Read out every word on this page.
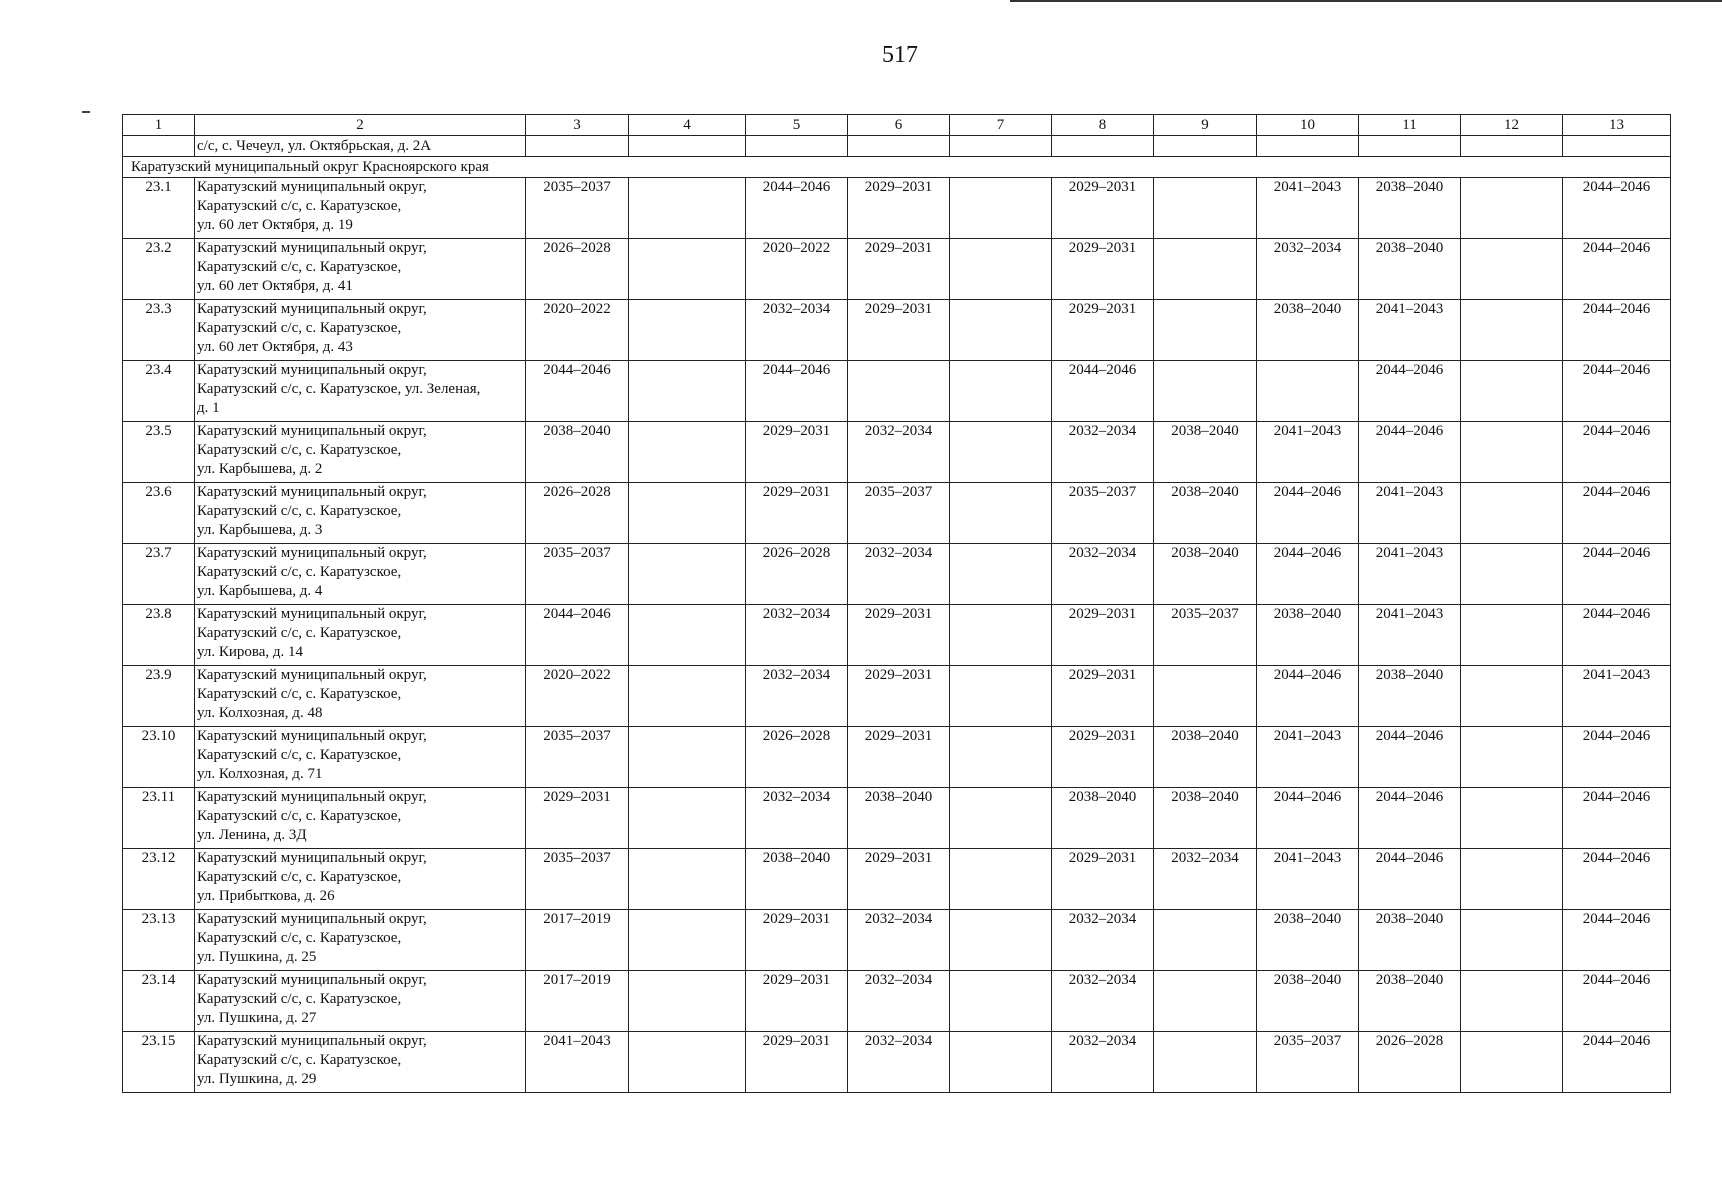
517
1	2	3	4	5	6	7	8	9	10	11	12	13
	с/с, с. Чечеул, ул. Октябрьская, д. 2А											
Каратузский муниципальный округ Красноярского края												
23.1	Каратузский муниципальный округ,
Каратузский с/с, с. Каратузское,
ул. 60 лет Октября, д. 19	2035–2037		2044–2046	2029–2031		2029–2031		2041–2043	2038–2040		2044–2046
23.2	Каратузский муниципальный округ,
Каратузский с/с, с. Каратузское,
ул. 60 лет Октября, д. 41	2026–2028		2020–2022	2029–2031		2029–2031		2032–2034	2038–2040		2044–2046
23.3	Каратузский муниципальный округ,
Каратузский с/с, с. Каратузское,
ул. 60 лет Октября, д. 43	2020–2022		2032–2034	2029–2031		2029–2031		2038–2040	2041–2043		2044–2046
23.4	Каратузский муниципальный округ,
Каратузский с/с, с. Каратузское, ул. Зеленая,
д. 1	2044–2046		2044–2046			2044–2046			2044–2046		2044–2046
23.5	Каратузский муниципальный округ,
Каратузский с/с, с. Каратузское,
ул. Карбышева, д. 2	2038–2040		2029–2031	2032–2034		2032–2034	2038–2040	2041–2043	2044–2046		2044–2046
23.6	Каратузский муниципальный округ,
Каратузский с/с, с. Каратузское,
ул. Карбышева, д. 3	2026–2028		2029–2031	2035–2037		2035–2037	2038–2040	2044–2046	2041–2043		2044–2046
23.7	Каратузский муниципальный округ,
Каратузский с/с, с. Каратузское,
ул. Карбышева, д. 4	2035–2037		2026–2028	2032–2034		2032–2034	2038–2040	2044–2046	2041–2043		2044–2046
23.8	Каратузский муниципальный округ,
Каратузский с/с, с. Каратузское,
ул. Кирова, д. 14	2044–2046		2032–2034	2029–2031		2029–2031	2035–2037	2038–2040	2041–2043		2044–2046
23.9	Каратузский муниципальный округ,
Каратузский с/с, с. Каратузское,
ул. Колхозная, д. 48	2020–2022		2032–2034	2029–2031		2029–2031		2044–2046	2038–2040		2041–2043
23.10	Каратузский муниципальный округ,
Каратузский с/с, с. Каратузское,
ул. Колхозная, д. 71	2035–2037		2026–2028	2029–2031		2029–2031	2038–2040	2041–2043	2044–2046		2044–2046
23.11	Каратузский муниципальный округ,
Каратузский с/с, с. Каратузское,
ул. Ленина, д. 3Д	2029–2031		2032–2034	2038–2040		2038–2040	2038–2040	2044–2046	2044–2046		2044–2046
23.12	Каратузский муниципальный округ,
Каратузский с/с, с. Каратузское,
ул. Прибыткова, д. 26	2035–2037		2038–2040	2029–2031		2029–2031	2032–2034	2041–2043	2044–2046		2044–2046
23.13	Каратузский муниципальный округ,
Каратузский с/с, с. Каратузское,
ул. Пушкина, д. 25	2017–2019		2029–2031	2032–2034		2032–2034		2038–2040	2038–2040		2044–2046
23.14	Каратузский муниципальный округ,
Каратузский с/с, с. Каратузское,
ул. Пушкина, д. 27	2017–2019		2029–2031	2032–2034		2032–2034		2038–2040	2038–2040		2044–2046
23.15	Каратузский муниципальный округ,
Каратузский с/с, с. Каратузское,
ул. Пушкина, д. 29	2041–2043		2029–2031	2032–2034		2032–2034		2035–2037	2026–2028		2044–2046
